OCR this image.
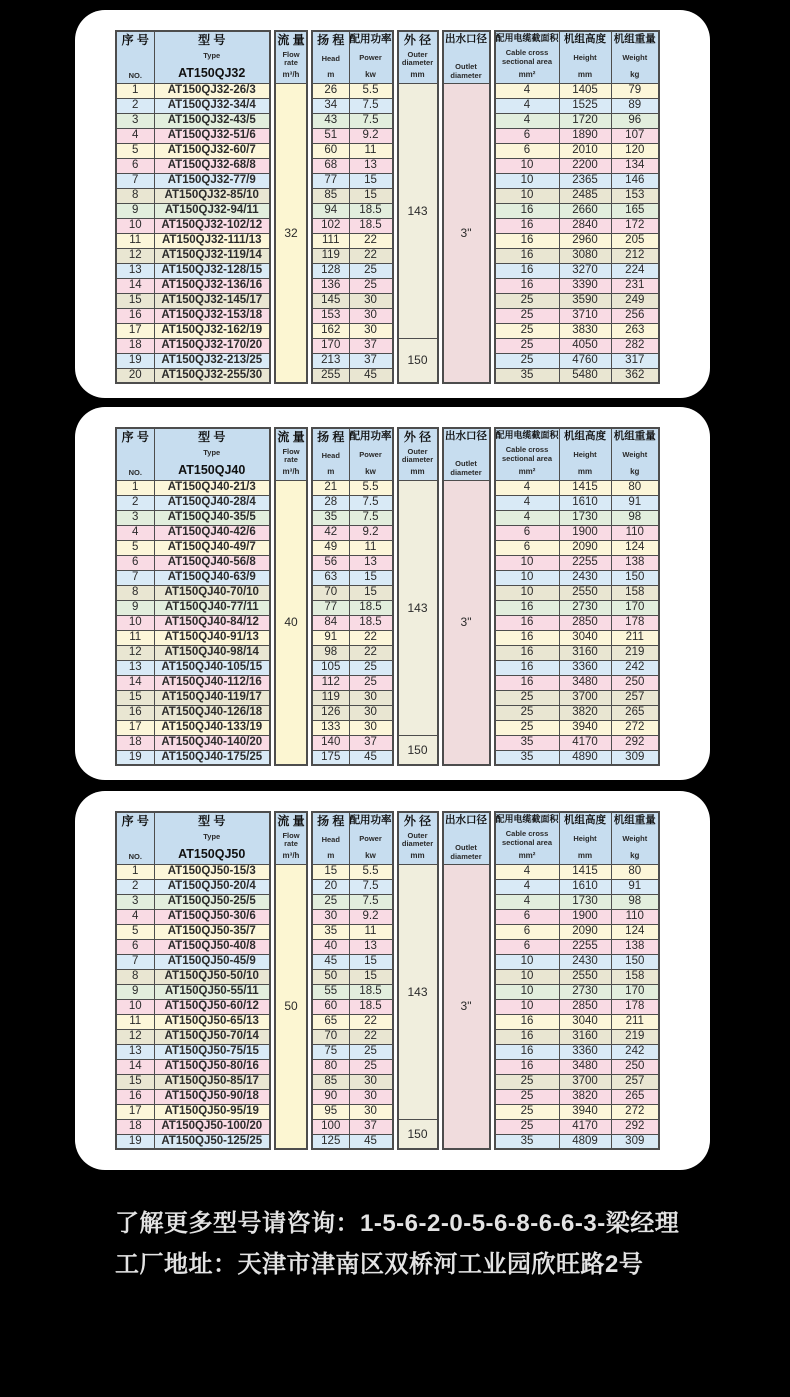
序 号
NO.	型 号
Type
AT150QJ32		流 量
Flow rate
m³/h		扬 程
Head
m	配用功率
Power
kw		外 径
Outer diameter
mm		出水口径
Outlet diameter		配用电缆截面积
Cable cross sectional area
mm²	机组高度
Height
mm	机组重量
Weight
kg

1	AT150QJ32-26/3		32		26	5.5		143		3"		4	1405	79
2	AT150QJ32-34/4				34	7.5						4	1525	89
3	AT150QJ32-43/5				43	7.5						4	1720	96
4	AT150QJ32-51/6				51	9.2						6	1890	107
5	AT150QJ32-60/7				60	11						6	2010	120
6	AT150QJ32-68/8				68	13						10	2200	134
7	AT150QJ32-77/9				77	15						10	2365	146
8	AT150QJ32-85/10				85	15						10	2485	153
9	AT150QJ32-94/11				94	18.5						16	2660	165
10	AT150QJ32-102/12				102	18.5						16	2840	172
11	AT150QJ32-111/13				111	22						16	2960	205
12	AT150QJ32-119/14				119	22						16	3080	212
13	AT150QJ32-128/15				128	25						16	3270	224
14	AT150QJ32-136/16				136	25						16	3390	231
15	AT150QJ32-145/17				145	30						25	3590	249
16	AT150QJ32-153/18				153	30						25	3710	256
17	AT150QJ32-162/19				162	30						25	3830	263
18	AT150QJ32-170/20				170	37		150				25	4050	282
19	AT150QJ32-213/25				213	37						25	4760	317
20	AT150QJ32-255/30				255	45						35	5480	362
序 号
NO.	型 号
Type
AT150QJ40		流 量
Flow rate
m³/h		扬 程
Head
m	配用功率
Power
kw		外 径
Outer diameter
mm		出水口径
Outlet diameter		配用电缆截面积
Cable cross sectional area
mm²	机组高度
Height
mm	机组重量
Weight
kg

1	AT150QJ40-21/3		40		21	5.5		143		3"		4	1415	80
2	AT150QJ40-28/4				28	7.5						4	1610	91
3	AT150QJ40-35/5				35	7.5						4	1730	98
4	AT150QJ40-42/6				42	9.2						6	1900	110
5	AT150QJ40-49/7				49	11						6	2090	124
6	AT150QJ40-56/8				56	13						10	2255	138
7	AT150QJ40-63/9				63	15						10	2430	150
8	AT150QJ40-70/10				70	15						10	2550	158
9	AT150QJ40-77/11				77	18.5						16	2730	170
10	AT150QJ40-84/12				84	18.5						16	2850	178
11	AT150QJ40-91/13				91	22						16	3040	211
12	AT150QJ40-98/14				98	22						16	3160	219
13	AT150QJ40-105/15				105	25						16	3360	242
14	AT150QJ40-112/16				112	25						16	3480	250
15	AT150QJ40-119/17				119	30						25	3700	257
16	AT150QJ40-126/18				126	30						25	3820	265
17	AT150QJ40-133/19				133	30						25	3940	272
18	AT150QJ40-140/20				140	37		150				35	4170	292
19	AT150QJ40-175/25				175	45						35	4890	309
序 号
NO.	型 号
Type
AT150QJ50		流 量
Flow rate
m³/h		扬 程
Head
m	配用功率
Power
kw		外 径
Outer diameter
mm		出水口径
Outlet diameter		配用电缆截面积
Cable cross sectional area
mm²	机组高度
Height
mm	机组重量
Weight
kg

1	AT150QJ50-15/3		50		15	5.5		143		3"		4	1415	80
2	AT150QJ50-20/4				20	7.5						4	1610	91
3	AT150QJ50-25/5				25	7.5						4	1730	98
4	AT150QJ50-30/6				30	9.2						6	1900	110
5	AT150QJ50-35/7				35	11						6	2090	124
6	AT150QJ50-40/8				40	13						6	2255	138
7	AT150QJ50-45/9				45	15						10	2430	150
8	AT150QJ50-50/10				50	15						10	2550	158
9	AT150QJ50-55/11				55	18.5						10	2730	170
10	AT150QJ50-60/12				60	18.5						10	2850	178
11	AT150QJ50-65/13				65	22						16	3040	211
12	AT150QJ50-70/14				70	22						16	3160	219
13	AT150QJ50-75/15				75	25						16	3360	242
14	AT150QJ50-80/16				80	25						16	3480	250
15	AT150QJ50-85/17				85	30						25	3700	257
16	AT150QJ50-90/18				90	30						25	3820	265
17	AT150QJ50-95/19				95	30						25	3940	272
18	AT150QJ50-100/20				100	37		150				25	4170	292
19	AT150QJ50-125/25				125	45						35	4809	309
了解更多型号请咨询：1-5-6-2-0-5-6-8-6-6-3-梁经理
工厂地址：天津市津南区双桥河工业园欣旺路2号
